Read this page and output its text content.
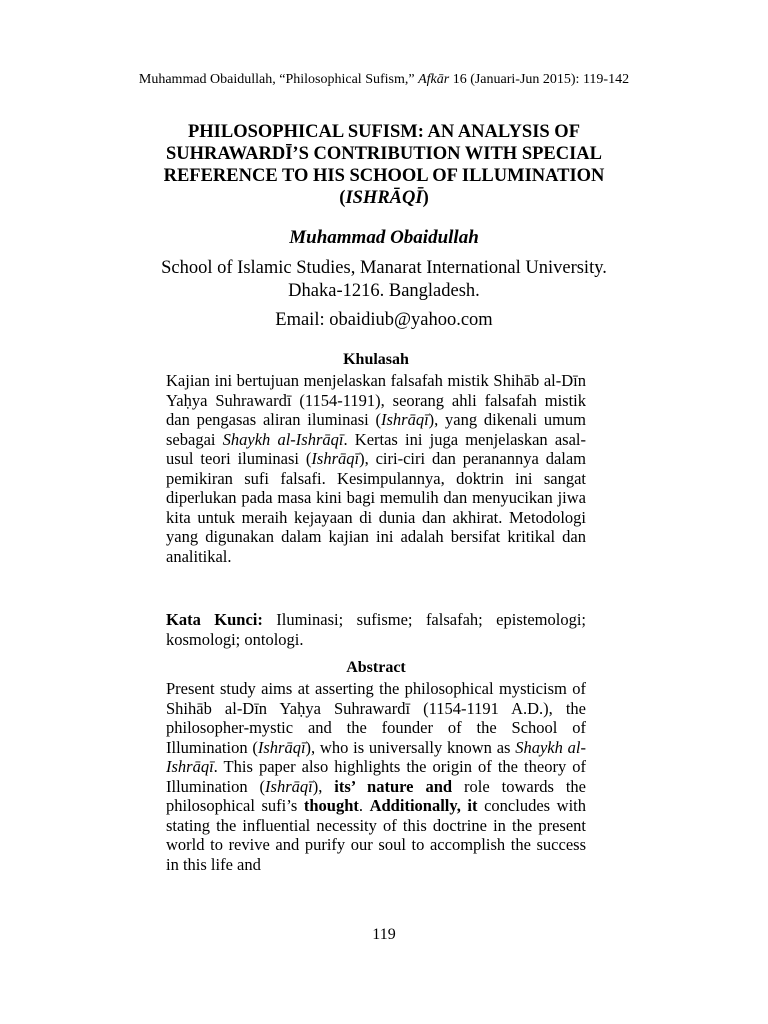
Muhammad Obaidullah, “Philosophical Sufism,” Afkār 16 (Januari-Jun 2015): 119-142
PHILOSOPHICAL SUFISM: AN ANALYSIS OF SUHRAWARDĪ’S CONTRIBUTION WITH SPECIAL REFERENCE TO HIS SCHOOL OF ILLUMINATION (ISHRĀQĪ)
Muhammad Obaidullah
School of Islamic Studies, Manarat International University. Dhaka-1216. Bangladesh.
Email: obaidiub@yahoo.com
Khulasah
Kajian ini bertujuan menjelaskan falsafah mistik Shihāb al-Dīn Yaḥya Suhrawardī (1154-1191), seorang ahli falsafah mistik dan pengasas aliran iluminasi (Ishrāqī), yang dikenali umum sebagai Shaykh al-Ishrāqī. Kertas ini juga menjelaskan asal-usul teori iluminasi (Ishrāqī), ciri-ciri dan peranannya dalam pemikiran sufi falsafi. Kesimpulannya, doktrin ini sangat diperlukan pada masa kini bagi memulih dan menyucikan jiwa kita untuk meraih kejayaan di dunia dan akhirat. Metodologi yang digunakan dalam kajian ini adalah bersifat kritikal dan analitikal.
Kata Kunci: Iluminasi; sufisme; falsafah; epistemologi; kosmologi; ontologi.
Abstract
Present study aims at asserting the philosophical mysticism of Shihāb al-Dīn Yaḥya Suhrawardī (1154-1191 A.D.), the philosopher-mystic and the founder of the School of Illumination (Ishrāqī), who is universally known as Shaykh al-Ishrāqī. This paper also highlights the origin of the theory of Illumination (Ishrāqī), its’ nature and role towards the philosophical sufi’s thought. Additionally, it concludes with stating the influential necessity of this doctrine in the present world to revive and purify our soul to accomplish the success in this life and
119
